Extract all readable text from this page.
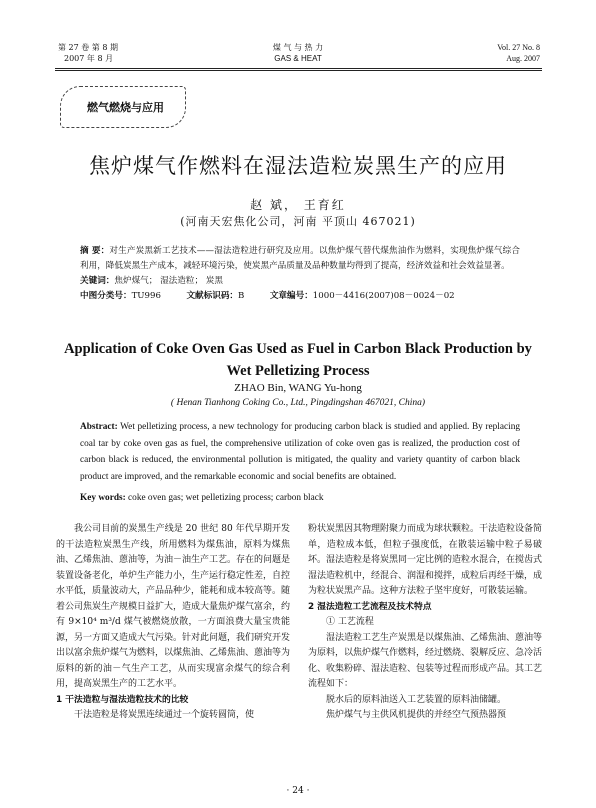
第 27 卷 第 8 期
2007 年 8 月
煤 气 与 热 力
GAS & HEAT
Vol. 27 No. 8
Aug. 2007
燃气燃烧与应用
焦炉煤气作燃料在湿法造粒炭黑生产的应用
赵 斌， 王育红
(河南天宏焦化公司，河南 平顶山 467021)
摘 要：对生产炭黑新工艺技术——湿法造粒进行研究及应用。以焦炉煤气替代煤焦油作为燃料，实现焦炉煤气综合利用，降低炭黑生产成本，减轻环境污染，使炭黑产品质量及品种数量均得到了提高，经济效益和社会效益显著。
关键词：焦炉煤气； 湿法造粒； 炭黑
中图分类号：TU996	文献标识码：B	文章编号：1000－4416(2007)08－0024－02
Application of Coke Oven Gas Used as Fuel in Carbon Black Production by Wet Pelletizing Process
ZHAO Bin, WANG Yu-hong
( Henan Tianhong Coking Co., Ltd., Pingdingshan 467021, China)
Abstract: Wet pelletizing process, a new technology for producing carbon black is studied and applied. By replacing coal tar by coke oven gas as fuel, the comprehensive utilization of coke oven gas is realized, the production cost of carbon black is reduced, the environmental pollution is mitigated, the quality and variety quantity of carbon black product are improved, and the remarkable economic and social benefits are obtained.
Key words: coke oven gas; wet pelletizing process; carbon black

我公司目前的炭黑生产线是 20 世纪 80 年代早期开发的干法造粒炭黑生产线，所用燃料为煤焦油，原料为煤焦油、乙烯焦油、蒽油等，为油－油生产工艺。存在的问题是装置设备老化，单炉生产能力小，生产运行稳定性差，自控水平低，质量波动大，产品品种少，能耗和成本较高等。随着公司焦炭生产规模日益扩大，造成大量焦炉煤气富余，约有 9×10⁴ m³/d 煤气被燃烧放散，一方面浪费大量宝贵能源，另一方面又造成大气污染。针对此问题，我们研究开发出以富余焦炉煤气为燃料，以煤焦油、乙烯焦油、蒽油等为原料的新的油－气生产工艺，从而实现富余煤气的综合利用，提高炭黑生产的工艺水平。

1 干法造粒与湿法造粒技术的比较

干法造粒是将炭黑连续通过一个旋转圆筒，使

粉状炭黑因其物理附聚力而成为球状颗粒。干法造粒设备简单，造粒成本低，但粒子强度低，在散装运输中粒子易破坏。湿法造粒是将炭黑同一定比例的造粒水混合，在搅齿式湿法造粒机中，经混合、润湿和搅拌，成粒后再经干燥，成为粒状炭黑产品。这种方法粒子坚牢度好，可散装运输。

2 湿法造粒工艺流程及技术特点

① 工艺流程

湿法造粒工艺生产炭黑是以煤焦油、乙烯焦油、蒽油等为原料，以焦炉煤气作燃料，经过燃烧、裂解反应、急冷活化、收集粉碎、湿法造粒、包装等过程而形成产品。其工艺流程如下：

脱水后的原料油送入工艺装置的原料油储罐。

焦炉煤气与主供风机提供的并经空气预热器预

· 24 ·
